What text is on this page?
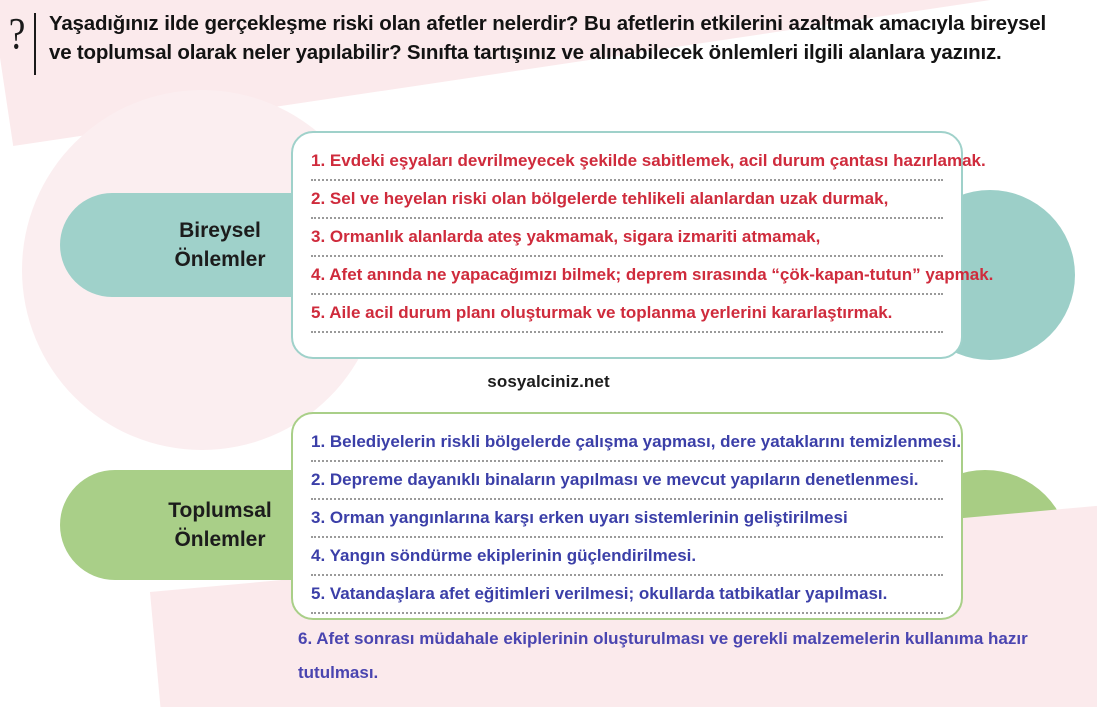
?	Yaşadığınız ilde gerçekleşme riski olan afetler nelerdir? Bu afetlerin etkilerini azaltmak amacıyla bireysel ve toplumsal olarak neler yapılabilir? Sınıfta tartışınız ve alınabilecek önlemleri ilgili alanlara yazınız.
Bireysel
Önlemler
1. Evdeki eşyaları devrilmeyecek şekilde sabitlemek, acil durum çantası hazırlamak.
2. Sel ve heyelan riski olan bölgelerde tehlikeli alanlardan uzak durmak,
3. Ormanlık alanlarda ateş yakmamak, sigara izmariti atmamak,
4. Afet anında ne yapacağımızı bilmek; deprem sırasında “çök-kapan-tutun” yapmak.
5. Aile acil durum planı oluşturmak ve toplanma yerlerini kararlaştırmak.
sosyalciniz.net
Toplumsal
Önlemler
1. Belediyelerin riskli bölgelerde çalışma yapması, dere yataklarını temizlenmesi.
2. Depreme dayanıklı binaların yapılması ve mevcut yapıların denetlenmesi.
3. Orman yangınlarına karşı erken uyarı sistemlerinin geliştirilmesi
4. Yangın söndürme ekiplerinin güçlendirilmesi.
5. Vatandaşlara afet eğitimleri verilmesi; okullarda tatbikatlar yapılması.
6. Afet sonrası müdahale ekiplerinin oluşturulması ve gerekli malzemelerin kullanıma hazır tutulması.
